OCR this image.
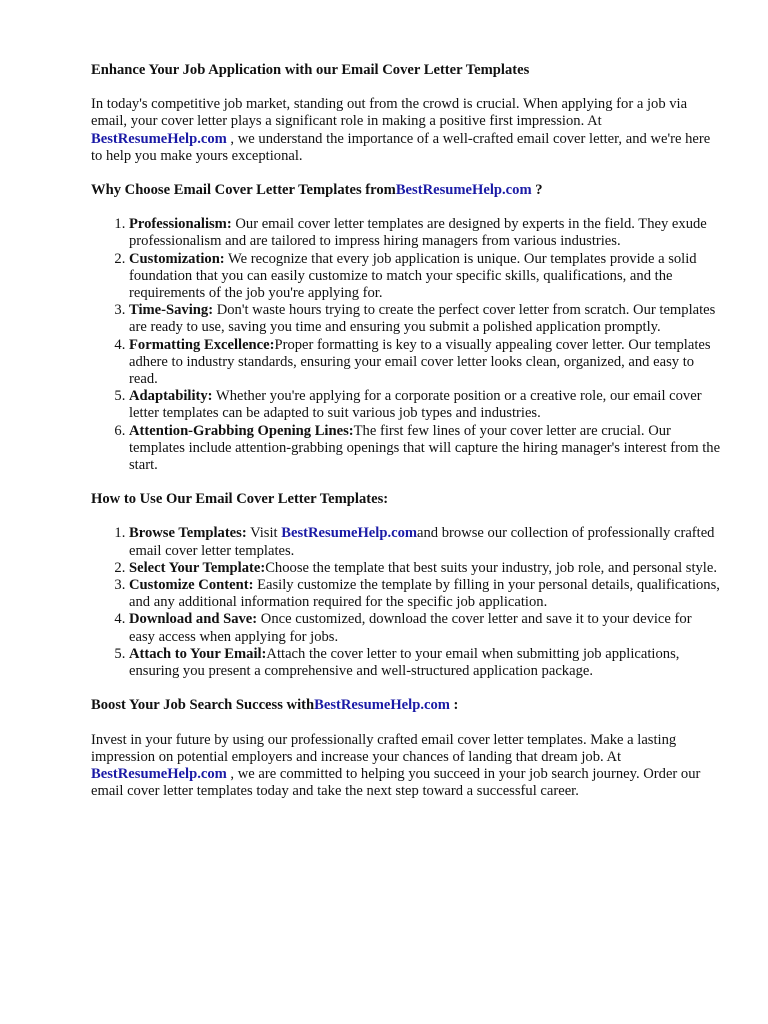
Enhance Your Job Application with our Email Cover Letter Templates

In today's competitive job market, standing out from the crowd is crucial. When applying for a job via email, your cover letter plays a significant role in making a positive first impression. At BestResumeHelp.com , we understand the importance of a well-crafted email cover letter, and we're here to help you make yours exceptional.

Why Choose Email Cover Letter Templates fromBestResumeHelp.com ?
1. Professionalism: Our email cover letter templates are designed by experts in the field. They exude professionalism and are tailored to impress hiring managers from various industries.
2. Customization: We recognize that every job application is unique. Our templates provide a solid foundation that you can easily customize to match your specific skills, qualifications, and the requirements of the job you're applying for.
3. Time-Saving: Don't waste hours trying to create the perfect cover letter from scratch. Our templates are ready to use, saving you time and ensuring you submit a polished application promptly.
4. Formatting Excellence:Proper formatting is key to a visually appealing cover letter. Our templates adhere to industry standards, ensuring your email cover letter looks clean, organized, and easy to read.
5. Adaptability: Whether you're applying for a corporate position or a creative role, our email cover letter templates can be adapted to suit various job types and industries.
6. Attention-Grabbing Opening Lines:The first few lines of your cover letter are crucial. Our templates include attention-grabbing openings that will capture the hiring manager's interest from the start.
How to Use Our Email Cover Letter Templates:
1. Browse Templates: Visit BestResumeHelp.comand browse our collection of professionally crafted email cover letter templates.
2. Select Your Template:Choose the template that best suits your industry, job role, and personal style.
3. Customize Content: Easily customize the template by filling in your personal details, qualifications, and any additional information required for the specific job application.
4. Download and Save: Once customized, download the cover letter and save it to your device for easy access when applying for jobs.
5. Attach to Your Email:Attach the cover letter to your email when submitting job applications, ensuring you present a comprehensive and well-structured application package.
Boost Your Job Search Success withBestResumeHelp.com :

Invest in your future by using our professionally crafted email cover letter templates. Make a lasting impression on potential employers and increase your chances of landing that dream job. At BestResumeHelp.com , we are committed to helping you succeed in your job search journey. Order our email cover letter templates today and take the next step toward a successful career.
